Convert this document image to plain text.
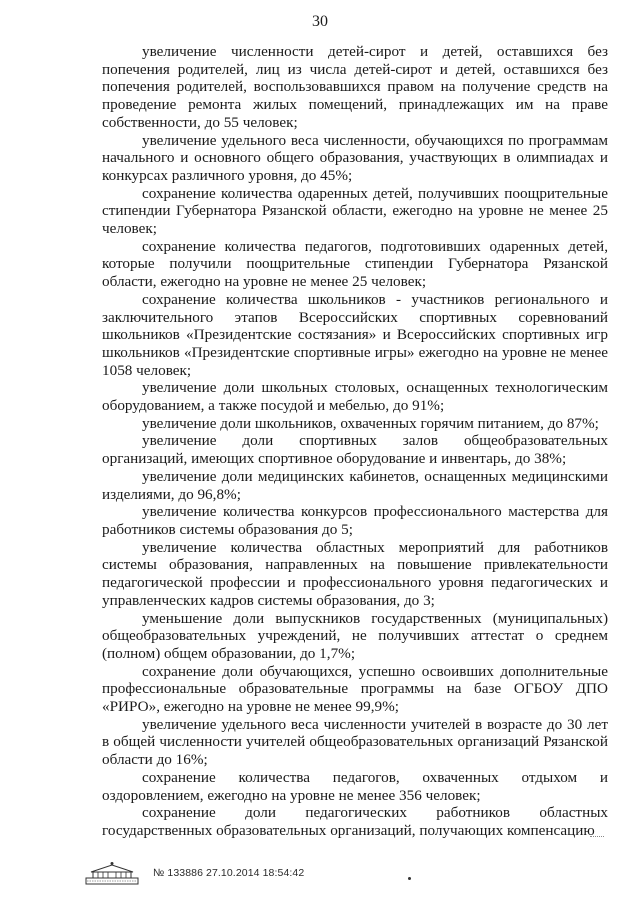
30

увеличение численности детей-сирот и детей, оставшихся без попечения родителей, лиц из числа детей-сирот и детей, оставшихся без попечения родителей, воспользовавшихся правом на получение средств на проведение ремонта жилых помещений, принадлежащих им на праве собственности, до 55 человек;

увеличение удельного веса численности, обучающихся по программам начального и основного общего образования, участвующих в олимпиадах и конкурсах различного уровня, до 45%;

сохранение количества одаренных детей, получивших поощрительные стипендии Губернатора Рязанской области, ежегодно на уровне не менее 25 человек;

сохранение количества педагогов, подготовивших одаренных детей, которые получили поощрительные стипендии Губернатора Рязанской области, ежегодно на уровне не менее 25 человек;

сохранение количества школьников - участников регионального и заключительного этапов Всероссийских спортивных соревнований школьников «Президентские состязания» и Всероссийских спортивных игр школьников «Президентские спортивные игры» ежегодно на уровне не менее 1058 человек;

увеличение доли школьных столовых, оснащенных технологическим оборудованием, а также посудой и мебелью, до 91%;

увеличение доли школьников, охваченных горячим питанием, до 87%;

увеличение доли спортивных залов общеобразовательных организаций, имеющих спортивное оборудование и инвентарь, до 38%;

увеличение доли медицинских кабинетов, оснащенных медицинскими изделиями, до 96,8%;

увеличение количества конкурсов профессионального мастерства для работников системы образования до 5;

увеличение количества областных мероприятий для работников системы образования, направленных на повышение привлекательности педагогической профессии и профессионального уровня педагогических и управленческих кадров системы образования, до 3;

уменьшение доли выпускников государственных (муниципальных) общеобразовательных учреждений, не получивших аттестат о среднем (полном) общем образовании, до 1,7%;

сохранение доли обучающихся, успешно освоивших дополнительные профессиональные образовательные программы на базе ОГБОУ ДПО «РИРО», ежегодно на уровне не менее 99,9%;

увеличение удельного веса численности учителей в возрасте до 30 лет в общей численности учителей общеобразовательных организаций Рязанской области до 16%;

сохранение количества педагогов, охваченных отдыхом и оздоровлением, ежегодно на уровне не менее 356 человек;

сохранение доли педагогических работников областных государственных образовательных организаций, получающих компенсацию

№ 133886 27.10.2014 18:54:42
